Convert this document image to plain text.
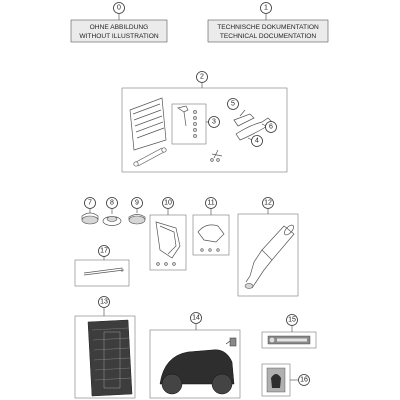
OHNE ABBILDUNG
WITHOUT ILLUSTRATION
TECHNISCHE DOKUMENTATION
TECHNICAL DOCUMENTATION
0	1
2
3
4
5
6
7	8	9	10	11	12
13
14	15
16
17
